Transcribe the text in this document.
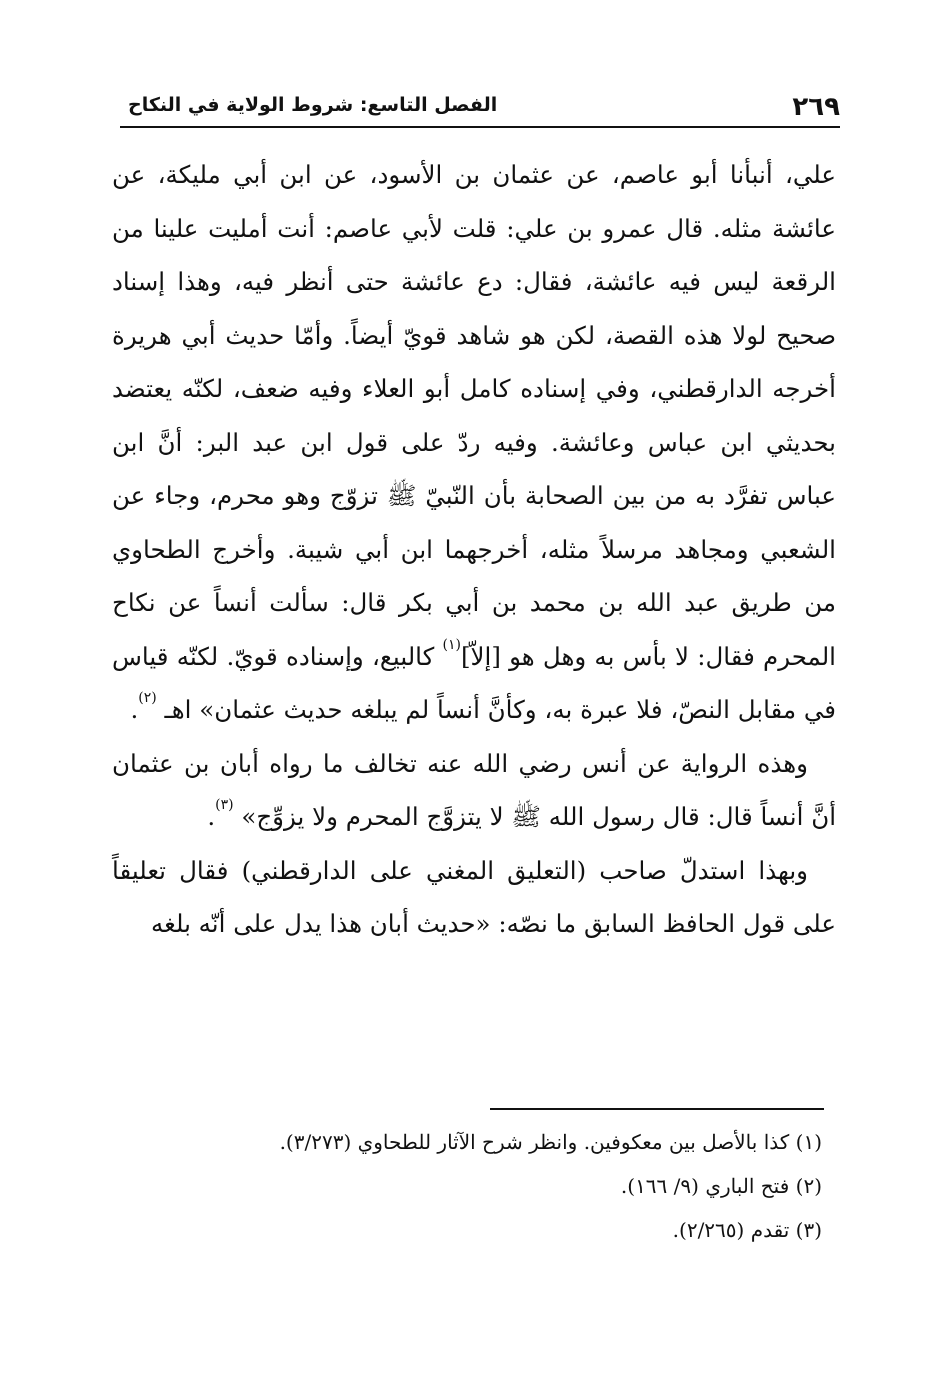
٢٦٩
الفصل التاسع: شروط الولاية في النكاح

علي، أنبأنا أبو عاصم، عن عثمان بن الأسود، عن ابن أبي مليكة، عن عائشة مثله. قال عمرو بن علي: قلت لأبي عاصم: أنت أمليت علينا من الرقعة ليس فيه عائشة، فقال: دع عائشة حتى أنظر فيه، وهذا إسناد صحيح لولا هذه القصة، لكن هو شاهد قويّ أيضاً. وأمّا حديث أبي هريرة أخرجه الدارقطني، وفي إسناده كامل أبو العلاء وفيه ضعف، لكنّه يعتضد بحديثي ابن عباس وعائشة. وفيه ردّ على قول ابن عبد البر: أنَّ ابن عباس تفرَّد به من بين الصحابة بأن النّبيّ ﷺ تزوّج وهو محرم، وجاء عن الشعبي ومجاهد مرسلاً مثله، أخرجهما ابن أبي شيبة. وأخرج الطحاوي من طريق عبد الله بن محمد بن أبي بكر قال: سألت أنساً عن نكاح المحرم فقال: لا بأس به وهل هو [إلاّ]$^{(١)}$ كالبيع، وإسناده قويّ. لكنّه قياس في مقابل النصّ، فلا عبرة به، وكأنَّ أنساً لم يبلغه حديث عثمان» اهـ $^{(٢)}$.

وهذه الرواية عن أنس رضي الله عنه تخالف ما رواه أبان بن عثمان أنَّ أنساً قال: قال رسول الله ﷺ لا يتزوَّج المحرم ولا يزوِّج» $^{(٣)}$.

وبهذا استدلّ صاحب (التعليق المغني على الدارقطني) فقال تعليقاً على قول الحافظ السابق ما نصّه: «حديث أبان هذا يدل على أنّه بلغه

(١) كذا بالأصل بين معكوفين. وانظر شرح الآثار للطحاوي (٣/٢٧٣).
(٢) فتح الباري (٩/ ١٦٦).
(٣) تقدم (٢/٢٦٥).
